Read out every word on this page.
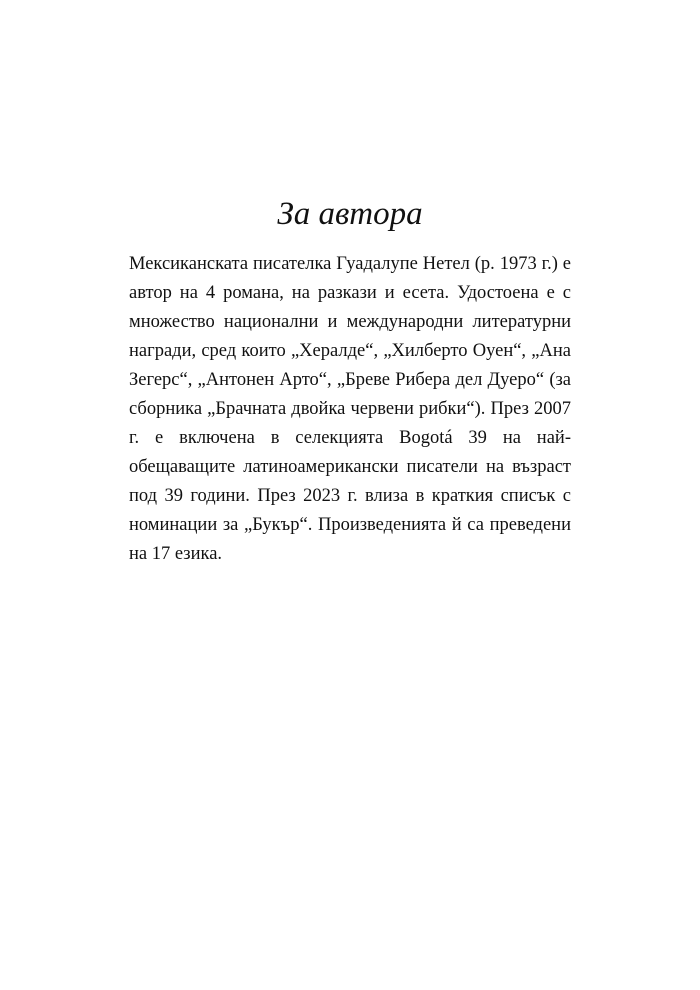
За автора

Мексиканската писателка Гуадалупе Нетел (р. 1973 г.) е автор на 4 романа, на разкази и есета. Удостоена е с множество национални и международни литературни награди, сред които „Хералде“, „Хилберто Оуен“, „Ана Зегерс“, „Антонен Арто“, „Бреве Рибера дел Дуеро“ (за сборника „Брачната двойка червени рибки“). През 2007 г. е включена в селекцията Bogotá 39 на най-обещаващите латиноамерикански писатели на възраст под 39 години. През 2023 г. влиза в краткия списък с номинации за „Букър“. Произведенията й са преведени на 17 езика.
